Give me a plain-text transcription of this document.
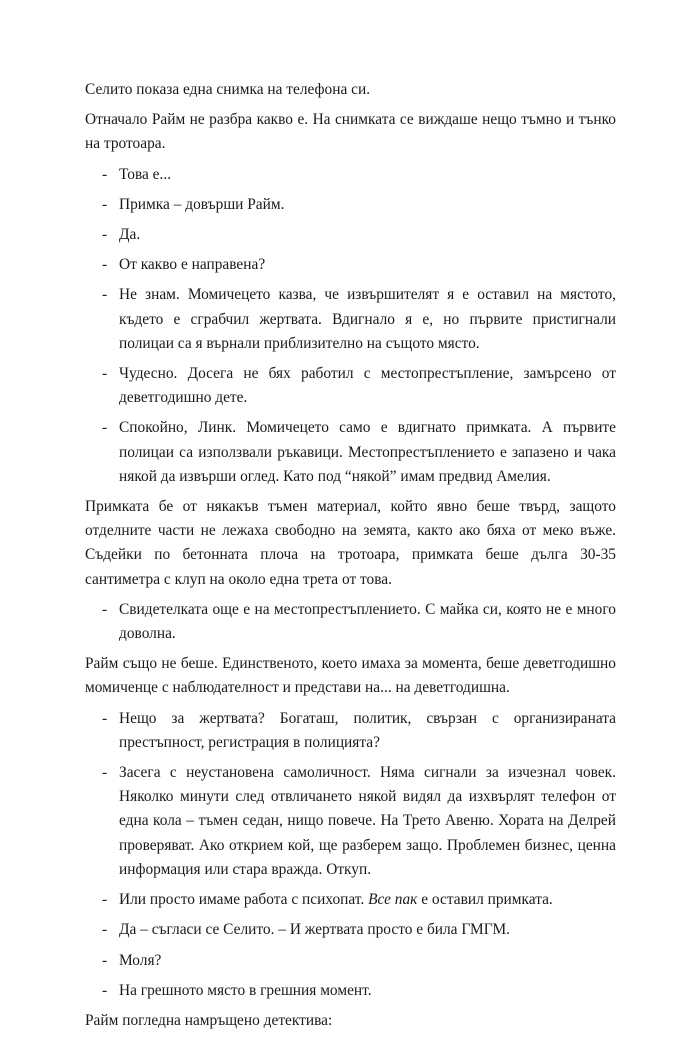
Селито показа една снимка на телефона си.

Отначало Райм не разбра какво е. На снимката се виждаше нещо тъмно и тънко на тротоара.

- Това е...
- Примка – довърши Райм.
- Да.
- От какво е направена?
- Не знам. Момичецето казва, че извършителят я е оставил на мястото, където е сграбчил жертвата. Вдигнало я е, но първите пристигнали полицаи са я върнали приблизително на същото място.
- Чудесно. Досега не бях работил с местопрестъпление, замърсено от деветгодишно дете.
- Спокойно, Линк. Момичецето само е вдигнато примката. А първите полицаи са използвали ръкавици. Местопрестъплението е запазено и чака някой да извърши оглед. Като под “някой” имам предвид Амелия.

Примката бе от някакъв тъмен материал, който явно беше твърд, защото отделните части не лежаха свободно на земята, както ако бяха от меко въже. Съдейки по бетонната плоча на тротоара, примката беше дълга 30-35 сантиметра с клуп на около една трета от това.

- Свидетелката още е на местопрестъплението. С майка си, която не е много доволна.

Райм също не беше. Единственото, което имаха за момента, беше деветгодишно момиченце с наблюдателност и представи на... на деветгодишна.

- Нещо за жертвата? Богаташ, политик, свързан с организираната престъпност, регистрация в полицията?
- Засега с неустановена самоличност. Няма сигнали за изчезнал човек. Няколко минути след отвличането някой видял да изхвърлят телефон от една кола – тъмен седан, нищо повече. На Трето Авеню. Хората на Делрей проверяват. Ако открием кой, ще разберем защо. Проблемен бизнес, ценна информация или стара вражда. Откуп.
- Или просто имаме работа с психопат. Все пак е оставил примката.
- Да – съгласи се Селито. – И жертвата просто е била ГМГМ.
- Моля?
- На грешното място в грешния момент.

Райм погледна намръщено детектива:
